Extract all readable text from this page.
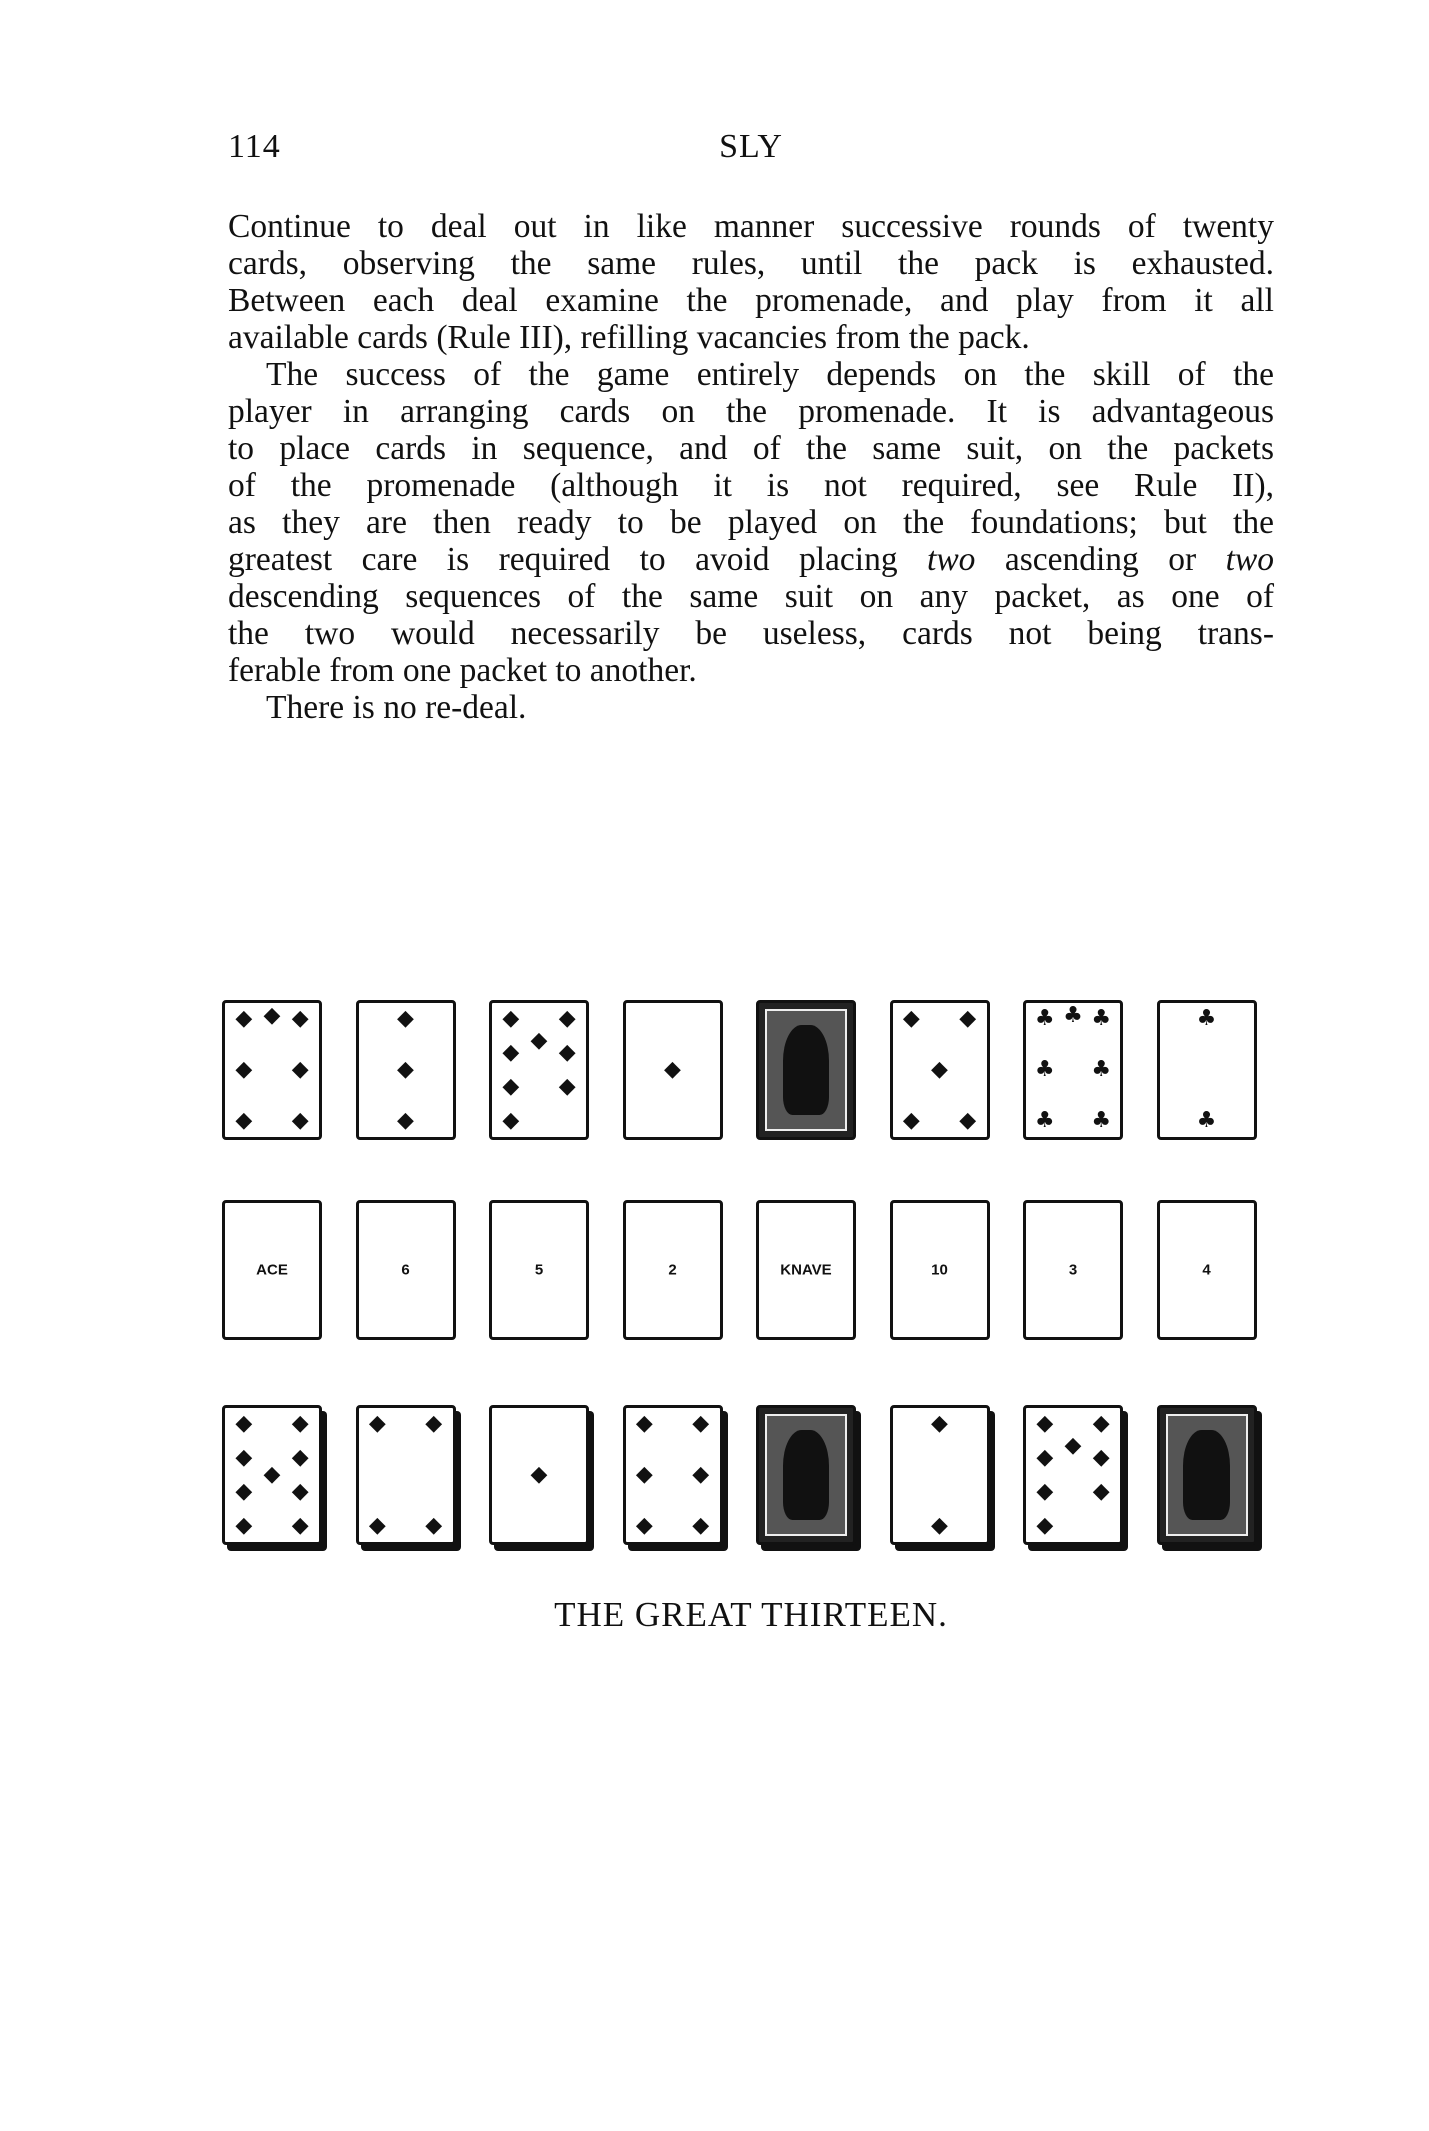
114	SLY

Continue to deal out in like manner successive rounds of twenty

cards, observing the same rules, until the pack is exhausted.

Between each deal examine the promenade, and play from it all

available cards (Rule III), refilling vacancies from the pack.

The success of the game entirely depends on the skill of the

player in arranging cards on the promenade. It is advantageous

to place cards in sequence, and of the same suit, on the packets

of the promenade (although it is not required, see Rule II),

as they are then ready to be played on the foundations; but the

greatest care is required to avoid placing two ascending or two

descending sequences of the same suit on any packet, as one of

the two would necessarily be useless, cards not being trans-

ferable from one packet to another.

There is no re-deal.

◆ ◆
◆
◆ ◆
◆ ◆
◆
◆
◆
◆ ◆
◆ ◆
◆
◆ ◆
◆
◆
◆ ◆
◆
◆ ◆
♣ ♣
♣
♣ ♣
♣ ♣
♣
♣
ACE	6	5	2	KNAVE	10	3	4
◆ ◆
◆ ◆
◆
◆ ◆
◆ ◆
◆ ◆
◆ ◆
◆
◆ ◆
◆ ◆
◆ ◆
◆
◆
◆ ◆
◆ ◆
◆
◆ ◆
◆
THE GREAT THIRTEEN.
